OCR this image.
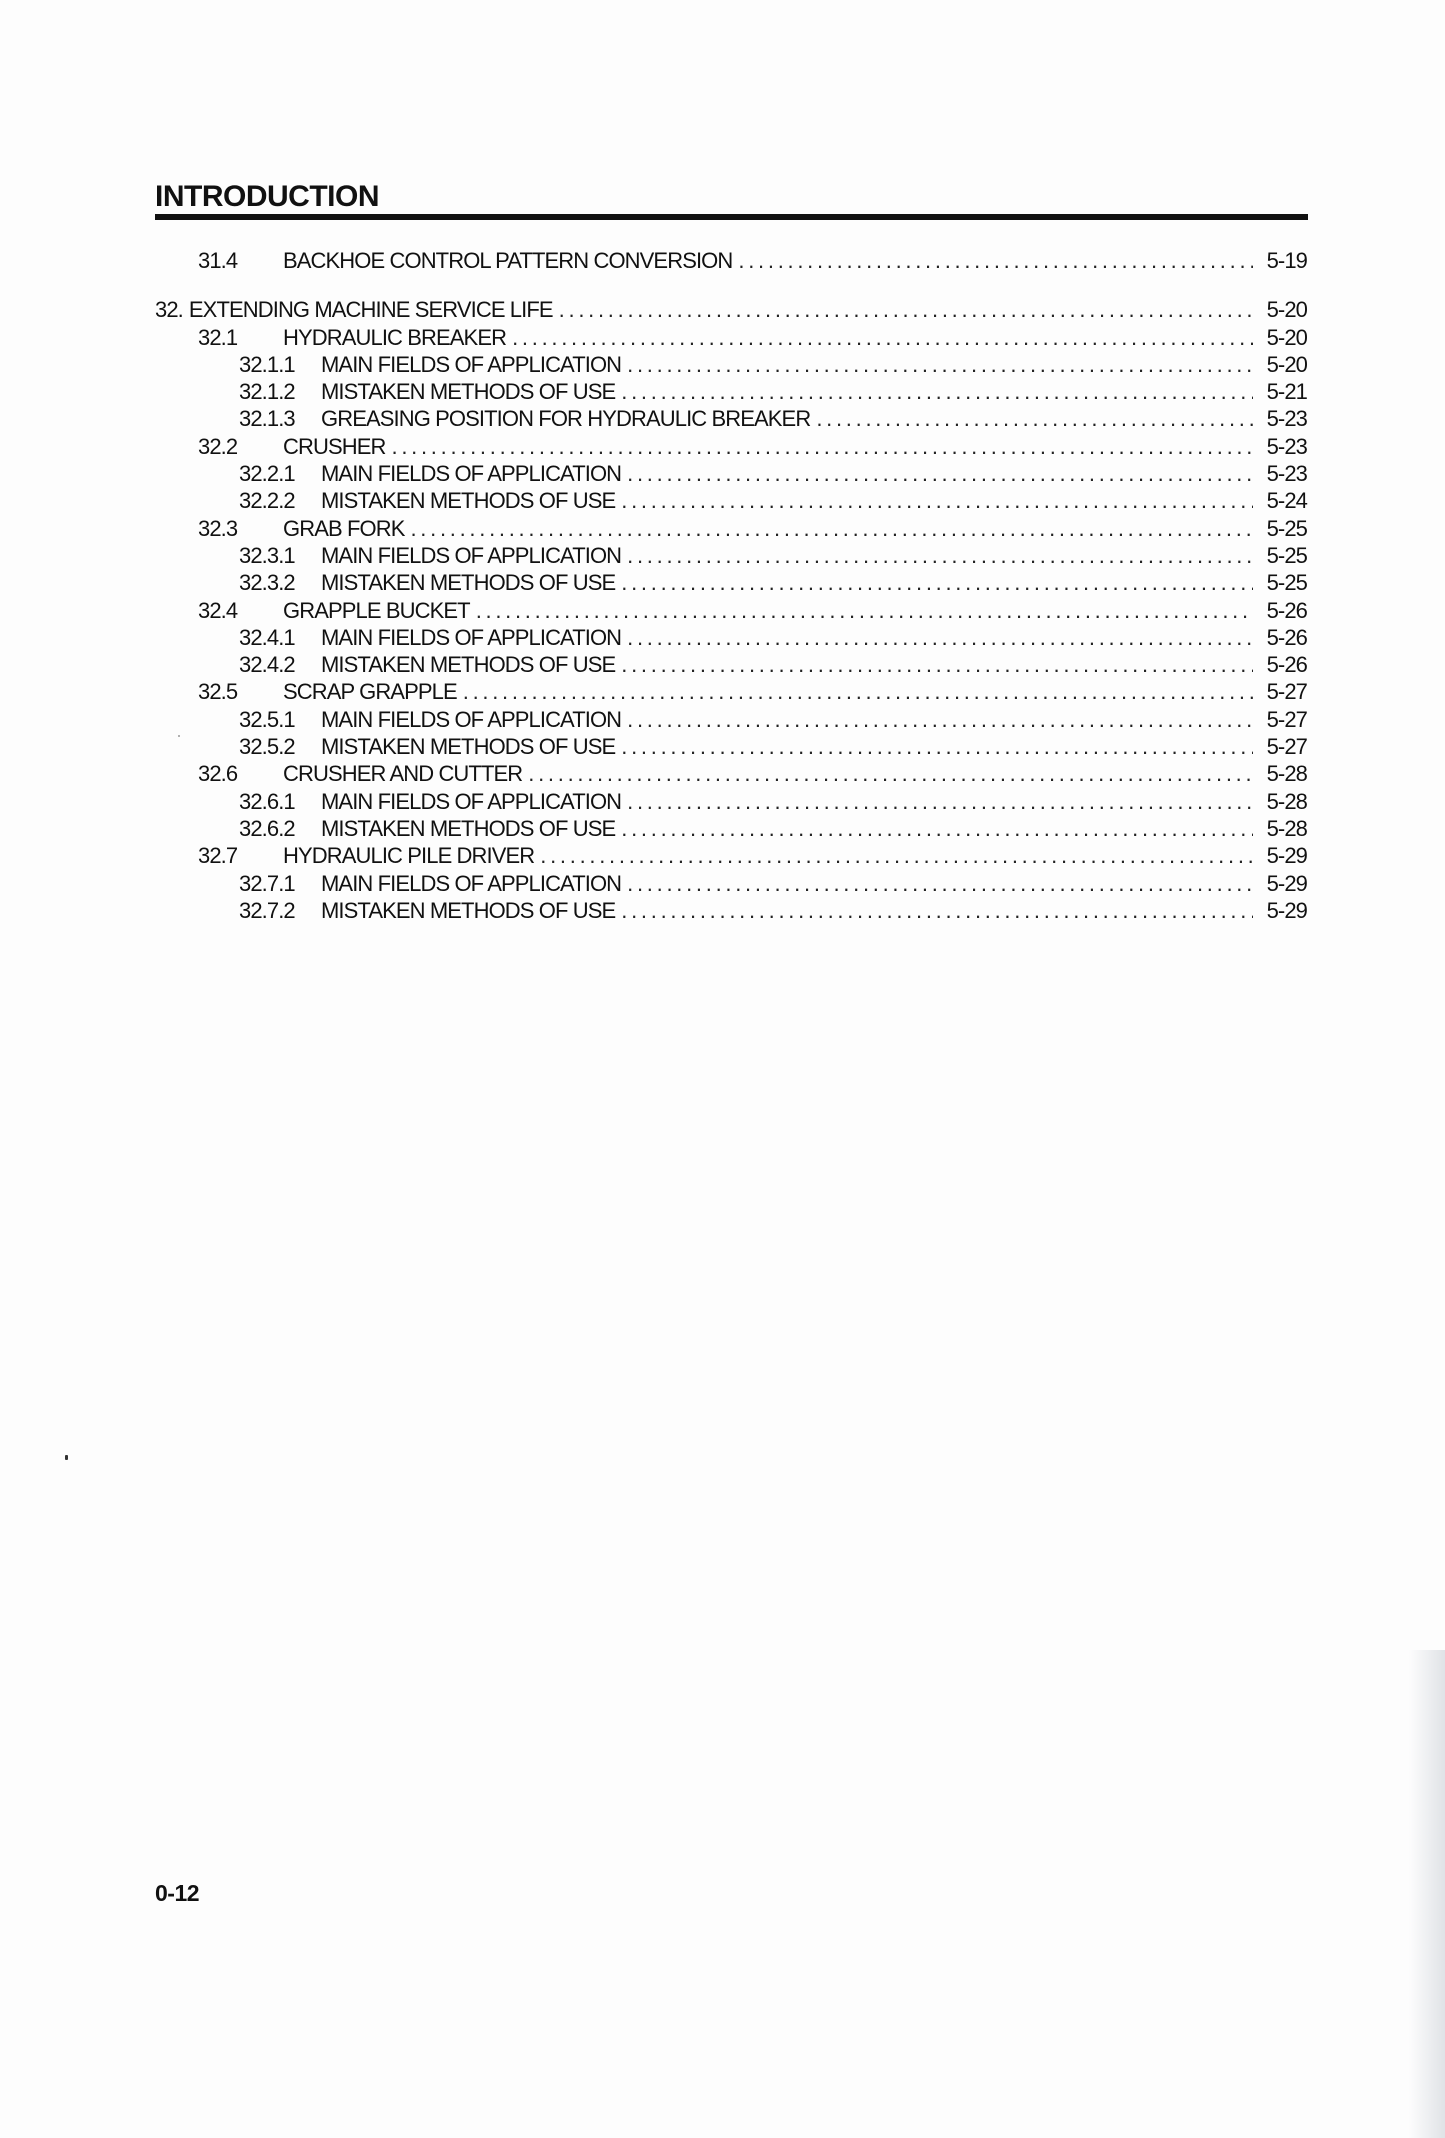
INTRODUCTION
31.4	BACKHOE CONTROL PATTERN CONVERSION . . .	5-19
32. EXTENDING MACHINE SERVICE LIFE . . .	5-20
32.1	HYDRAULIC BREAKER . . .	5-20
32.1.1	MAIN FIELDS OF APPLICATION . . .	5-20
32.1.2	MISTAKEN METHODS OF USE . . .	5-21
32.1.3	GREASING POSITION FOR HYDRAULIC BREAKER . . .	5-23
32.2	CRUSHER . . .	5-23
32.2.1	MAIN FIELDS OF APPLICATION . . .	5-23
32.2.2	MISTAKEN METHODS OF USE . . .	5-24
32.3	GRAB FORK . . .	5-25
32.3.1	MAIN FIELDS OF APPLICATION . . .	5-25
32.3.2	MISTAKEN METHODS OF USE . . .	5-25
32.4	GRAPPLE BUCKET . . .	5-26
32.4.1	MAIN FIELDS OF APPLICATION . . .	5-26
32.4.2	MISTAKEN METHODS OF USE . . .	5-26
32.5	SCRAP GRAPPLE . . .	5-27
32.5.1	MAIN FIELDS OF APPLICATION . . .	5-27
32.5.2	MISTAKEN METHODS OF USE . . .	5-27
32.6	CRUSHER AND CUTTER . . .	5-28
32.6.1	MAIN FIELDS OF APPLICATION . . .	5-28
32.6.2	MISTAKEN METHODS OF USE . . .	5-28
32.7	HYDRAULIC PILE DRIVER . . .	5-29
32.7.1	MAIN FIELDS OF APPLICATION . . .	5-29
32.7.2	MISTAKEN METHODS OF USE . . .	5-29
0-12
